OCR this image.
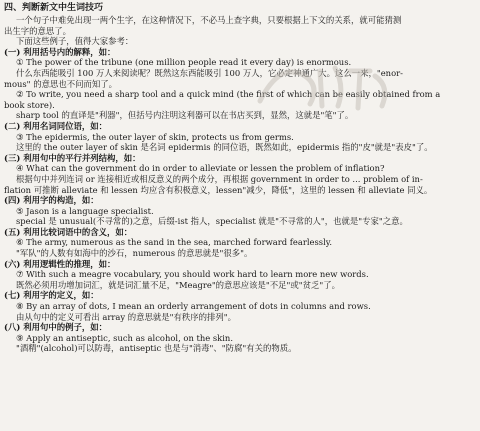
四、判断新文中生词技巧
一个句子中难免出现一两个生字，在这种情况下，不必马上查字典，只要根据上下文的关系，就可能猜测
出生字的意思了。
下面这些例子，值得大家参考：
(一) 利用括号内的解释，如：
① The power of the tribune (one million people read it every day) is enormous.
什么东西能吸引 100 万人来阅读呢？既然这东西能吸引 100 万人，它必定神通广大。这么一来，"enor-
mous" 的意思也不问而知了。
② To write, you need a sharp tool and a quick mind (the first of which can be easily obtained from a
book store).
sharp tool 的直译是"利器"，但括号内注明这利器可以在书店买到，显然，这就是"笔"了。
(二) 利用名词同位语，如：
③ The epidermis, the outer layer of skin, protects us from germs.
这里的 the outer layer of skin 是名词 epidermis 的同位语，既然如此，epidermis 指的"皮"就是"表皮"了。
(三) 利用句中的平行并列结构，如：
④ What can the government do in order to alleviate or lessen the problem of inflation?
根据句中并列连词 or 连接相近或相反意义的两个成分，再根据 government in order to ... problem of in-
flation 可推断 alleviate 和 lessen 均应含有积极意义，lessen"减少，降低"，这里的 lessen 和 alleviate 同义。
(四) 利用字的构造，如：
⑤ Jason is a language specialist.
special 是 unusual(不寻常的)之意，后缀-ist 指人，specialist 就是"不寻常的人"，也就是"专家"之意。
(五) 利用比较词语中的含义，如：
⑥ The army, numerous as the sand in the sea, marched forward fearlessly.
"军队"的人数有如海中的沙石，numerous 的意思就是"很多"。
(六) 利用逻辑性的推理，如：
⑦ With such a meagre vocabulary, you should work hard to learn more new words.
既然必须用功增加词汇，就是词汇量不足，"Meagre"的意思应该是"不足"或"贫乏"了。
(七) 利用字的定义，如：
⑧ By an array of dots, I mean an orderly arrangement of dots in columns and rows.
由从句中的定义可看出 array 的意思就是"有秩序的排列"。
(八) 利用句中的例子，如：
⑨ Apply an antiseptic, such as alcohol, on the skin.
"酒精"(alcohol)可以防毒，antiseptic 也是与"消毒"、"防腐"有关的物质。
